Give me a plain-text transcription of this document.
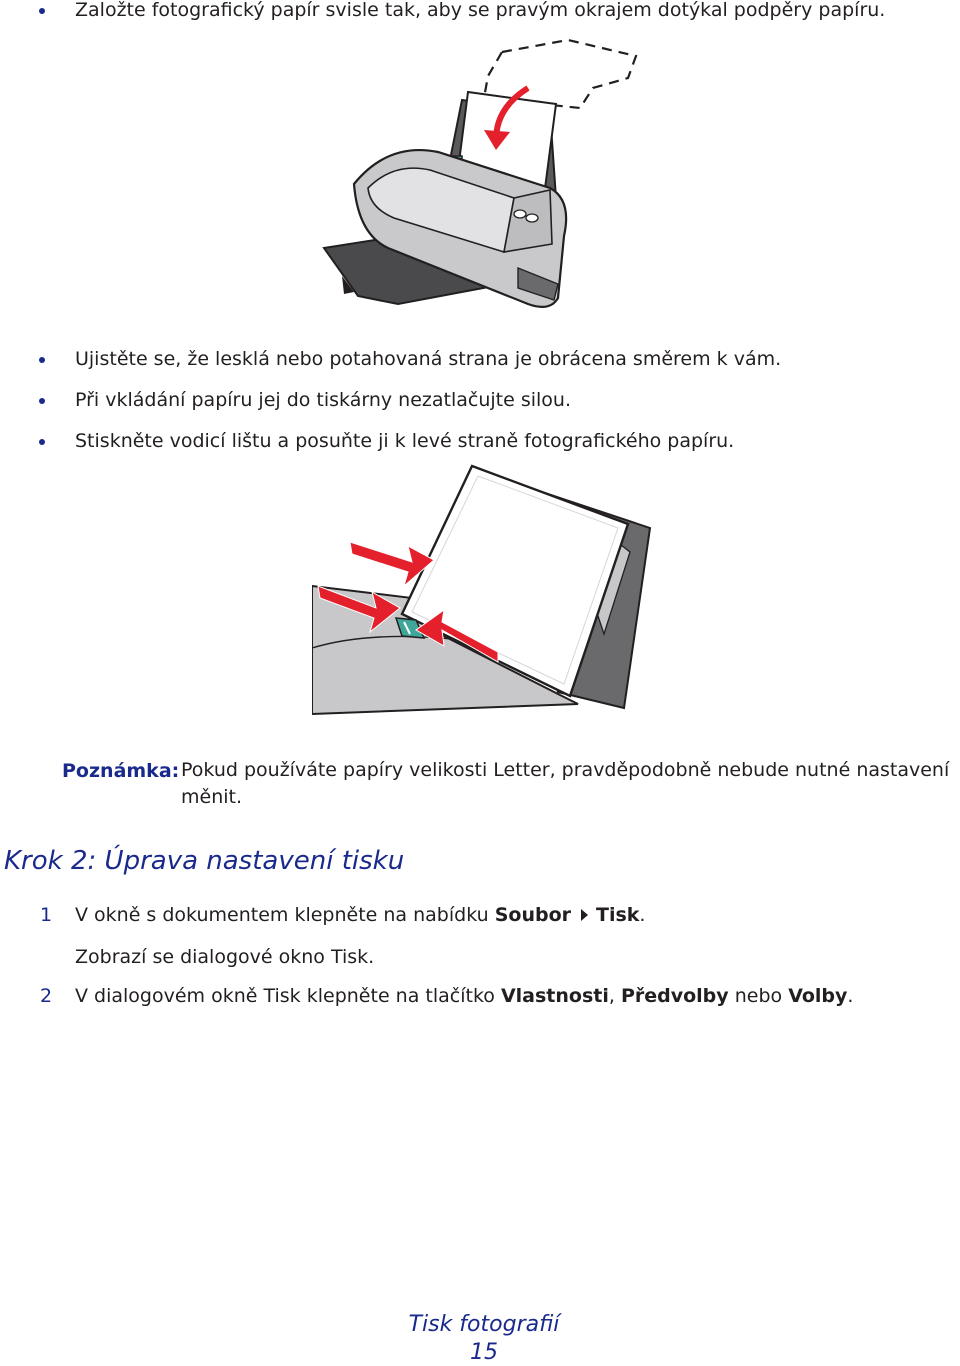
Založte fotografický papír svisle tak, aby se pravým okrajem dotýkal podpěry papíru.
Ujistěte se, že lesklá nebo potahovaná strana je obrácena směrem k vám.
Při vkládání papíru jej do tiskárny nezatlačujte silou.
Stiskněte vodicí lištu a posuňte ji k levé straně fotografického papíru.
Poznámka: Pokud používáte papíry velikosti Letter, pravděpodobně nebude nutné nastavení měnit.
Krok 2: Úprava nastavení tisku
1 V okně s dokumentem klepněte na nabídku Soubor Tisk.
Zobrazí se dialogové okno Tisk.
2 V dialogovém okně Tisk klepněte na tlačítko Vlastnosti, Předvolby nebo Volby.
Tisk fotografií
15
